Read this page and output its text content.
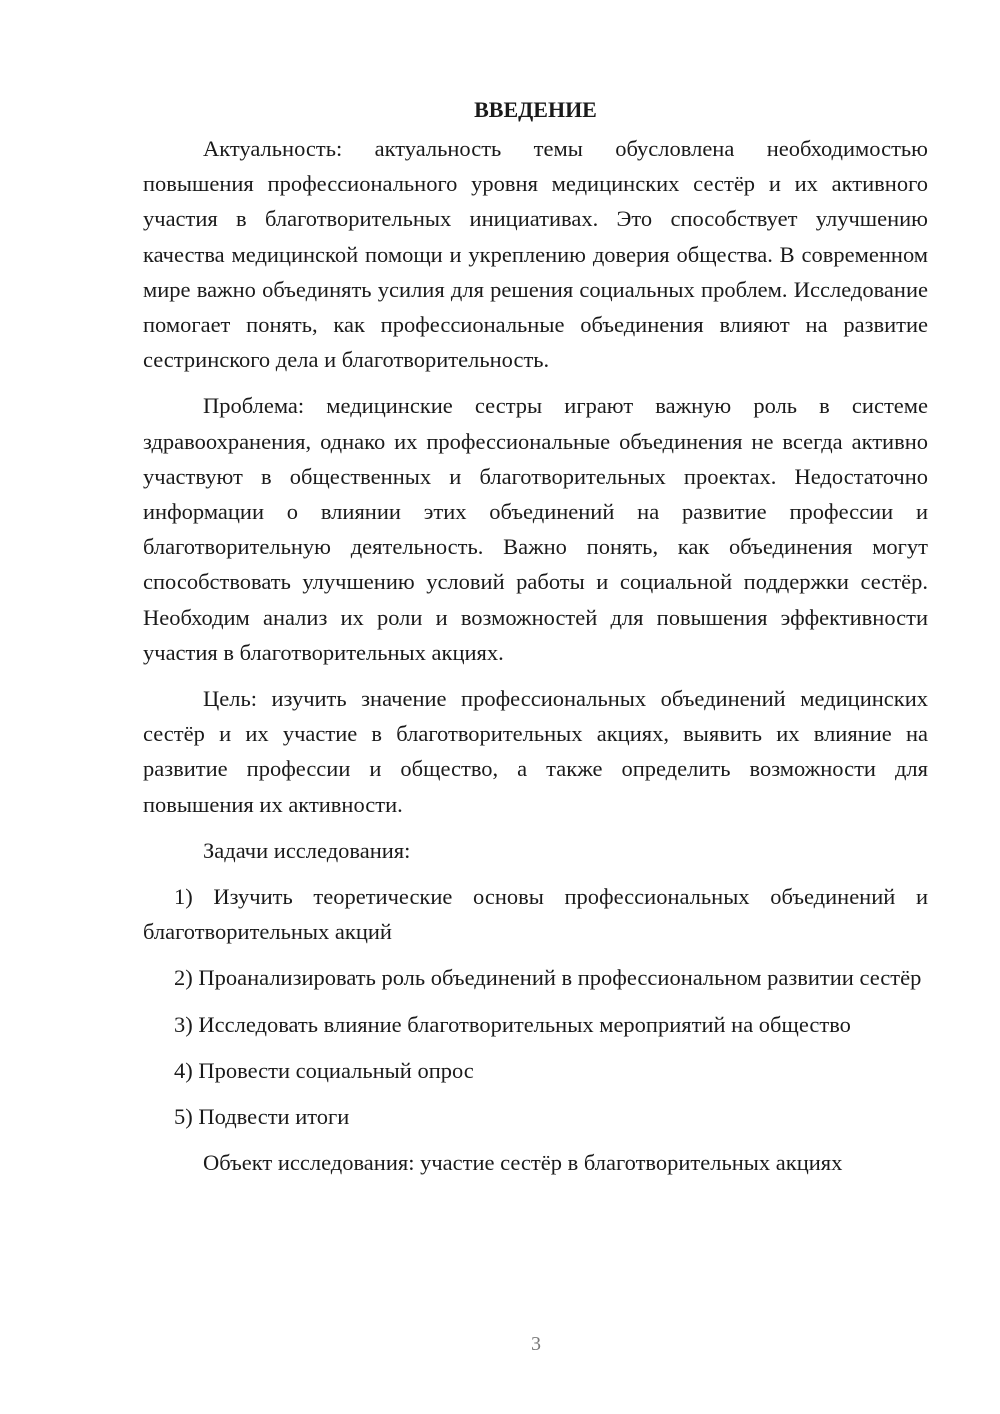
ВВЕДЕНИЕ

Актуальность: актуальность темы обусловлена необходимостью повышения профессионального уровня медицинских сестёр и их активного участия в благотворительных инициативах. Это способствует улучшению качества медицинской помощи и укреплению доверия общества. В современном мире важно объединять усилия для решения социальных проблем. Исследование помогает понять, как профессиональные объединения влияют на развитие сестринского дела и благотворительность.

Проблема: медицинские сестры играют важную роль в системе здравоохранения, однако их профессиональные объединения не всегда активно участвуют в общественных и благотворительных проектах. Недостаточно информации о влиянии этих объединений на развитие профессии и благотворительную деятельность. Важно понять, как объединения могут способствовать улучшению условий работы и социальной поддержки сестёр. Необходим анализ их роли и возможностей для повышения эффективности участия в благотворительных акциях.

Цель: изучить значение профессиональных объединений медицинских сестёр и их участие в благотворительных акциях, выявить их влияние на развитие профессии и общество, а также определить возможности для повышения их активности.

Задачи исследования:

1) Изучить теоретические основы профессиональных объединений и благотворительных акций

2) Проанализировать роль объединений в профессиональном развитии сестёр

3) Исследовать влияние благотворительных мероприятий на общество

4) Провести социальный опрос

5) Подвести итоги

Объект исследования: участие сестёр в благотворительных акциях

3
